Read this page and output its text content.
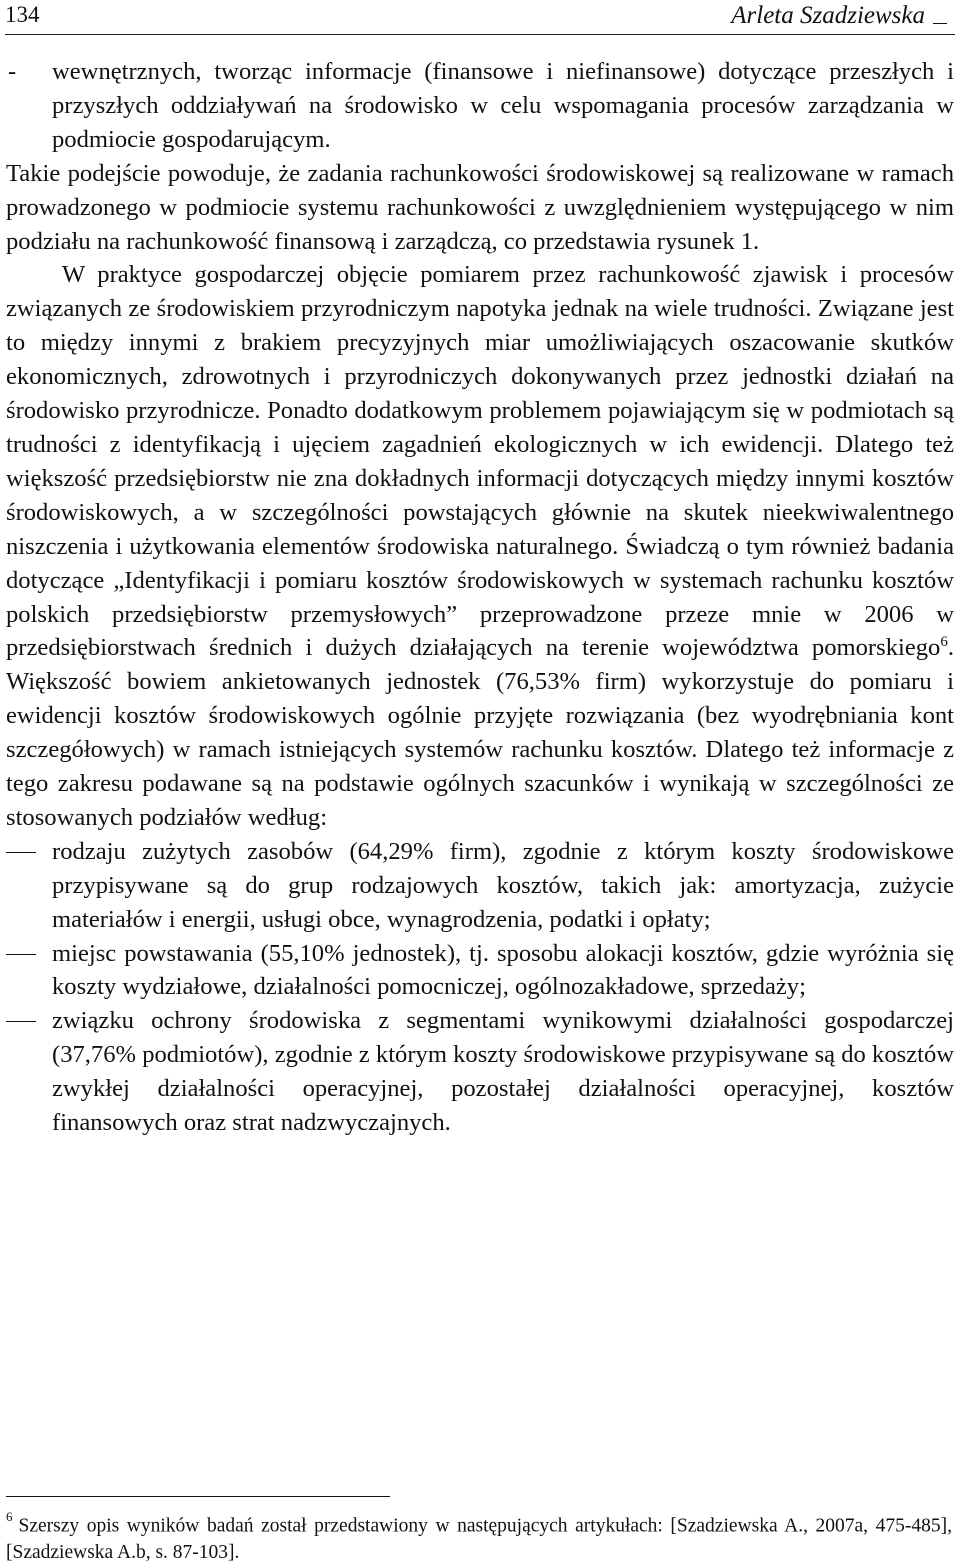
134	Arleta Szadziewska

- wewnętrznych, tworząc informacje (finansowe i niefinansowe) dotyczące przeszłych i przyszłych oddziaływań na środowisko w celu wspomagania procesów zarządzania w podmiocie gospodarującym.

Takie podejście powoduje, że zadania rachunkowości środowiskowej są realizowane w ramach prowadzonego w podmiocie systemu rachunkowości z uwzględnieniem występującego w nim podziału na rachunkowość finansową i zarządczą, co przedstawia rysunek 1.

W praktyce gospodarczej objęcie pomiarem przez rachunkowość zjawisk i procesów związanych ze środowiskiem przyrodniczym napotyka jednak na wiele trudności. Związane jest to między innymi z brakiem precyzyjnych miar umożliwiających oszacowanie skutków ekonomicznych, zdrowotnych i przyrodniczych dokonywanych przez jednostki działań na środowisko przyrodnicze. Ponadto dodatkowym problemem pojawiającym się w podmiotach są trudności z identyfikacją i ujęciem zagadnień ekologicznych w ich ewidencji. Dlatego też większość przedsiębiorstw nie zna dokładnych informacji dotyczących między innymi kosztów środowiskowych, a w szczególności powstających głównie na skutek nieekwiwalentnego niszczenia i użytkowania elementów środowiska naturalnego. Świadczą o tym również badania dotyczące „Identyfikacji i pomiaru kosztów środowiskowych w systemach rachunku kosztów polskich przedsiębiorstw przemysłowych” przeprowadzone przeze mnie w 2006 w przedsiębiorstwach średnich i dużych działających na terenie województwa pomorskiego$^6$. Większość bowiem ankietowanych jednostek (76,53% firm) wykorzystuje do pomiaru i ewidencji kosztów środowiskowych ogólnie przyjęte rozwiązania (bez wyodrębniania kont szczegółowych) w ramach istniejących systemów rachunku kosztów. Dlatego też informacje z tego zakresu podawane są na podstawie ogólnych szacunków i wynikają w szczególności ze stosowanych podziałów według:

rodzaju zużytych zasobów (64,29% firm), zgodnie z którym koszty środowiskowe przypisywane są do grup rodzajowych kosztów, takich jak: amortyzacja, zużycie materiałów i energii, usługi obce, wynagrodzenia, podatki i opłaty;

miejsc powstawania (55,10% jednostek), tj. sposobu alokacji kosztów, gdzie wyróżnia się koszty wydziałowe, działalności pomocniczej, ogólnozakładowe, sprzedaży;

związku ochrony środowiska z segmentami wynikowymi działalności gospodarczej (37,76% podmiotów), zgodnie z którym koszty środowiskowe przypisywane są do kosztów zwykłej działalności operacyjnej, pozostałej działalności operacyjnej, kosztów finansowych oraz strat nadzwyczajnych.

$^6$ Szerszy opis wyników badań został przedstawiony w następujących artykułach: [Szadziewska A., 2007a, 475-485], [Szadziewska A.b, s. 87-103].
